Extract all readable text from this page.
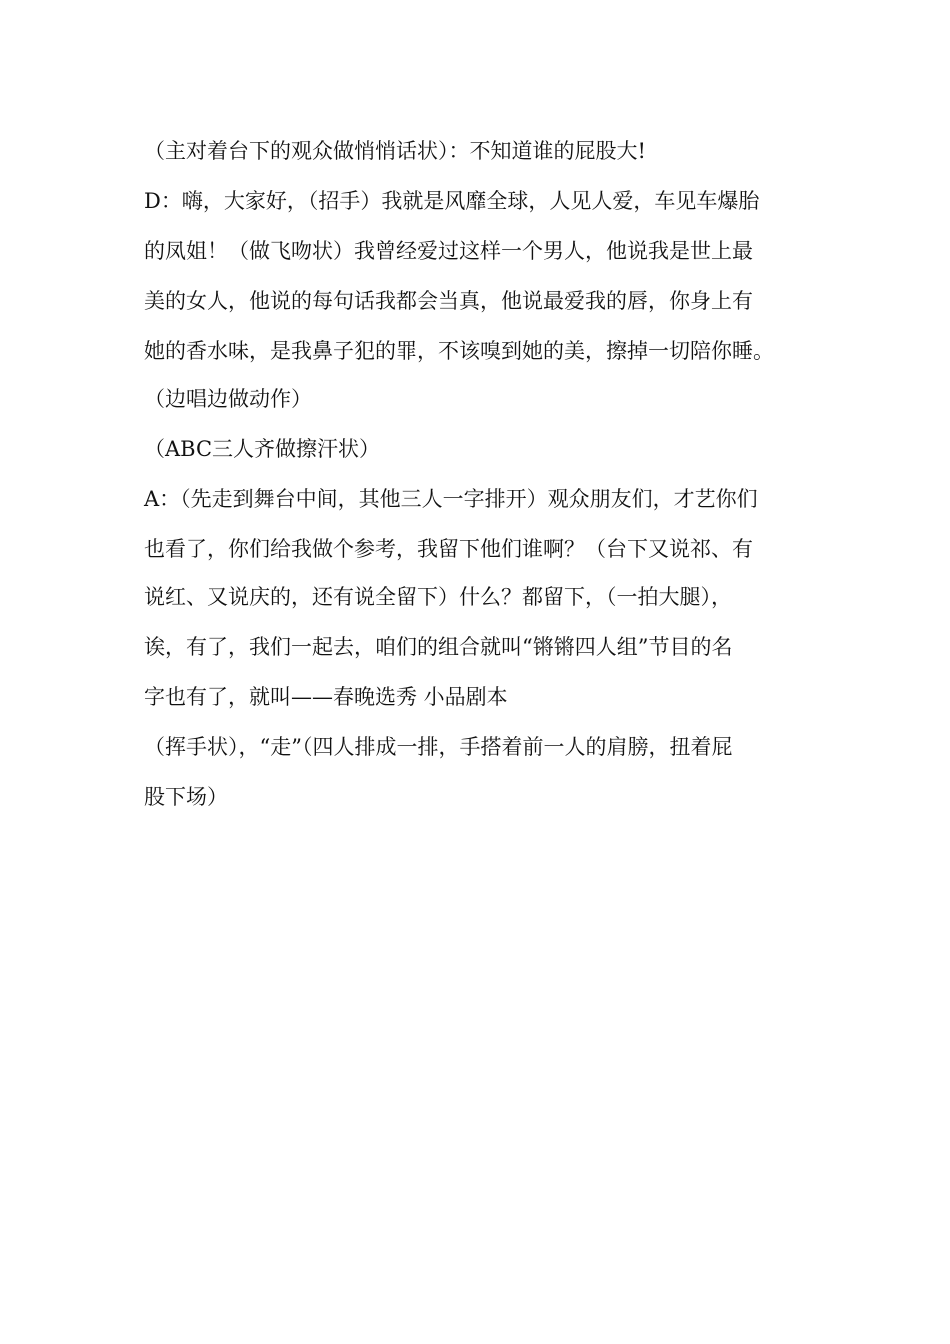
（主对着台下的观众做悄悄话状）：不知道谁的屁股大!
D：嗨，大家好，（招手）我就是风靡全球，人见人爱，车见车爆胎
的凤姐！（做飞吻状）我曾经爱过这样一个男人，他说我是世上最
美的女人，他说的每句话我都会当真，他说最爱我的唇，你身上有
她的香水味，是我鼻子犯的罪，不该嗅到她的美，擦掉一切陪你睡。
（边唱边做动作）
（ABC三人齐做擦汗状）
A：（先走到舞台中间，其他三人一字排开）观众朋友们，才艺你们
也看了，你们给我做个参考，我留下他们谁啊？（台下又说祁、有
说红、又说庆的，还有说全留下）什么？都留下，（一拍大腿），
诶，有了，我们一起去，咱们的组合就叫“锵锵四人组”节目的名
字也有了，就叫——春晚选秀 小品剧本
（挥手状），“走”（四人排成一排，手搭着前一人的肩膀，扭着屁
股下场）
